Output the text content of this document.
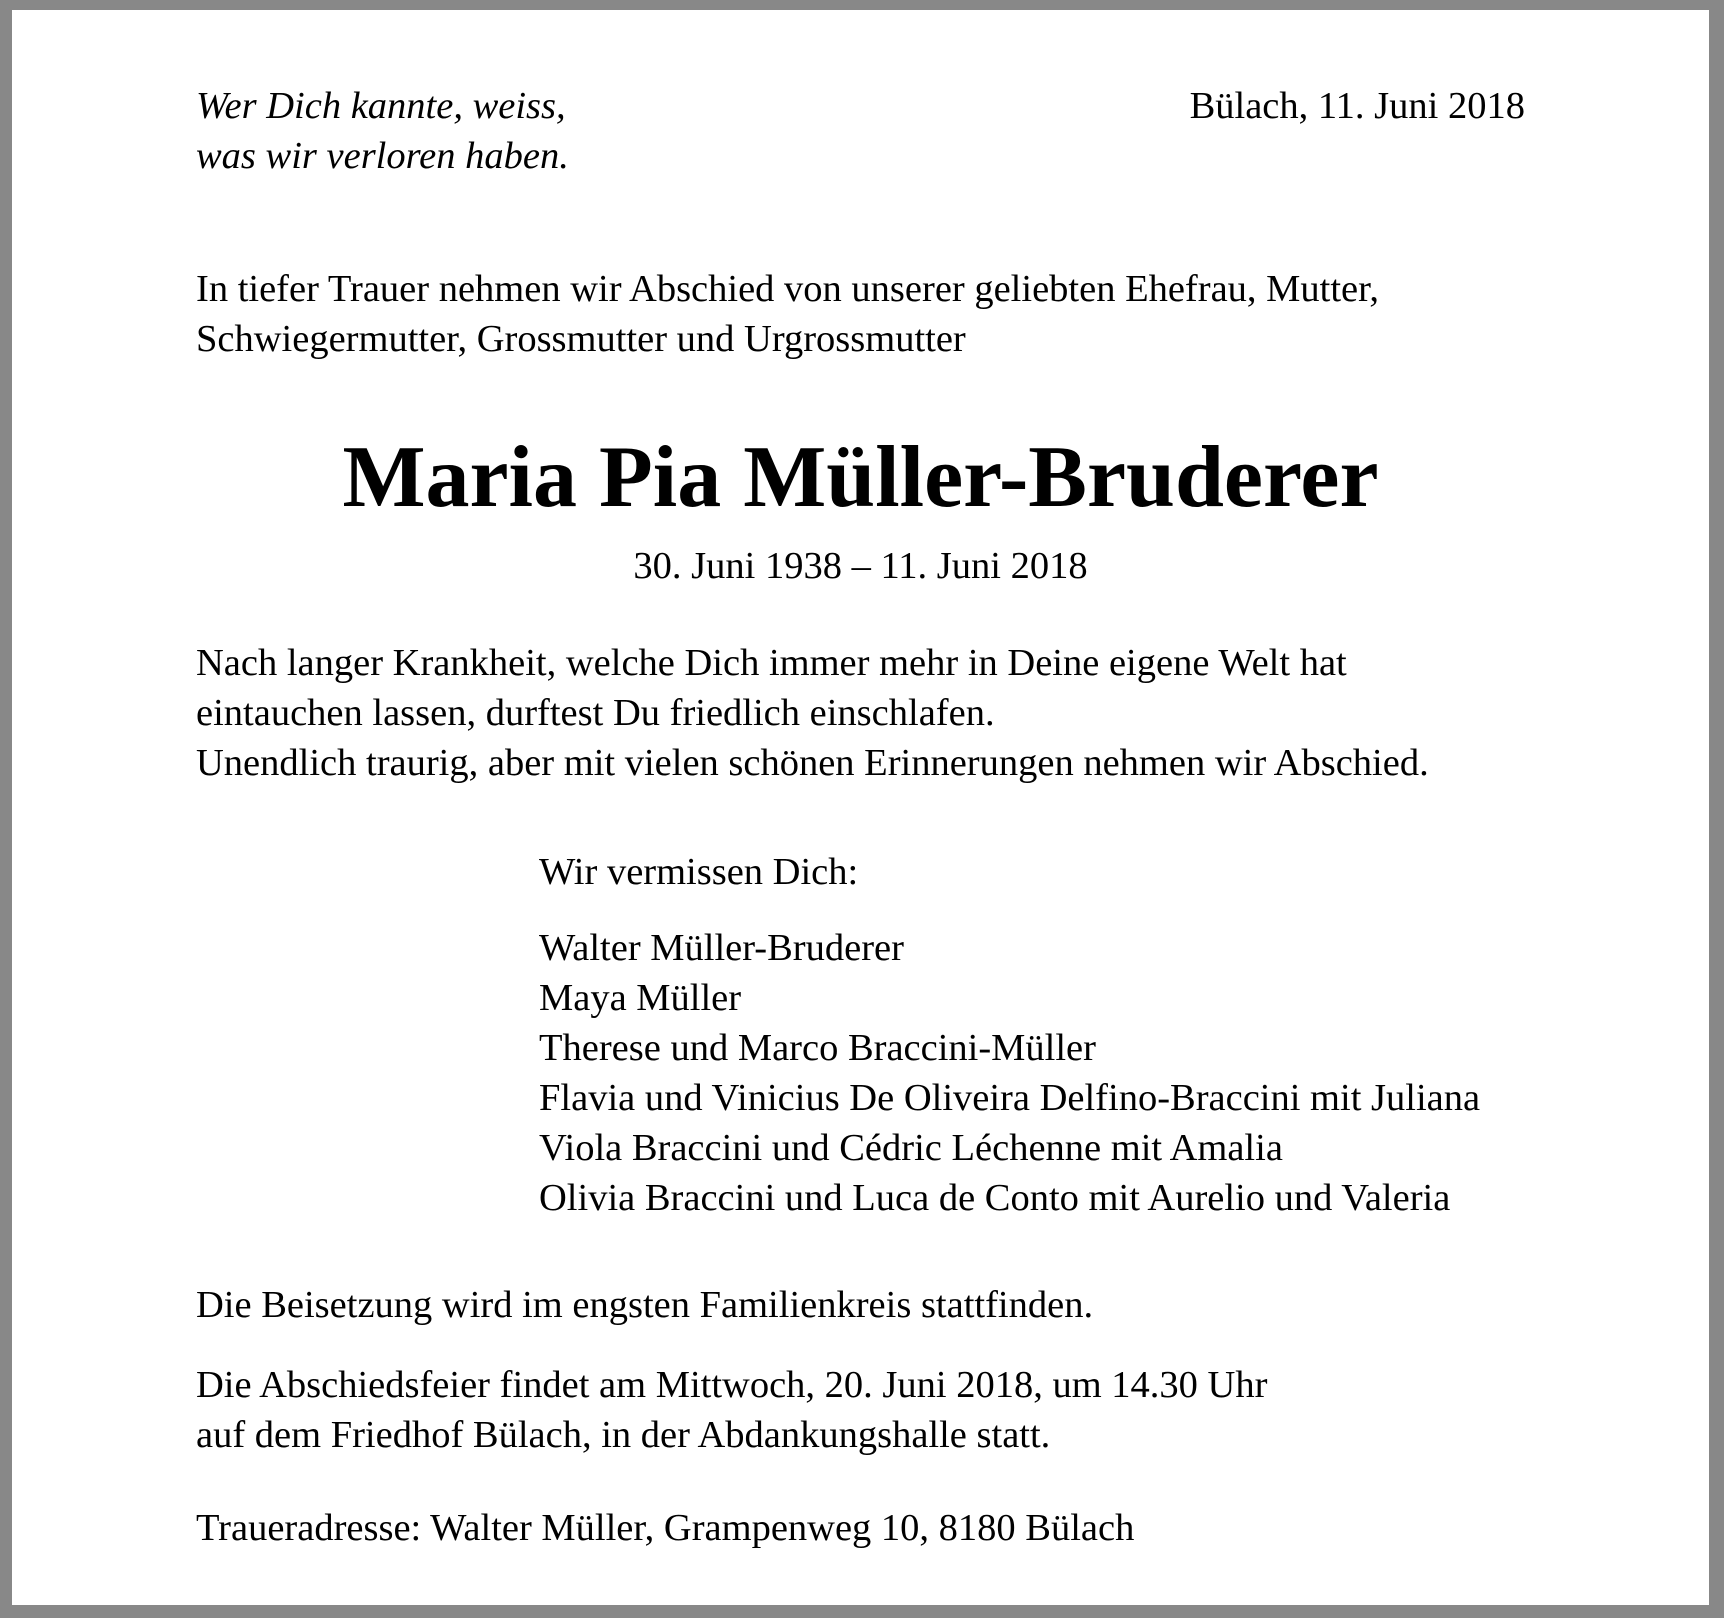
Wer Dich kannte, weiss,
was wir verloren haben.
Bülach, 11. Juni 2018
In tiefer Trauer nehmen wir Abschied von unserer geliebten Ehefrau, Mutter,
Schwiegermutter, Grossmutter und Urgrossmutter
Maria Pia Müller-Bruderer
30. Juni 1938 – 11. Juni 2018
Nach langer Krankheit, welche Dich immer mehr in Deine eigene Welt hat
eintauchen lassen, durftest Du friedlich einschlafen.
Unendlich traurig, aber mit vielen schönen Erinnerungen nehmen wir Abschied.
Wir vermissen Dich:
Walter Müller-Bruderer
Maya Müller
Therese und Marco Braccini-Müller
Flavia und Vinicius De Oliveira Delfino-Braccini mit Juliana
Viola Braccini und Cédric Léchenne mit Amalia
Olivia Braccini und Luca de Conto mit Aurelio und Valeria
Die Beisetzung wird im engsten Familienkreis stattfinden.
Die Abschiedsfeier findet am Mittwoch, 20. Juni 2018, um 14.30 Uhr
auf dem Friedhof Bülach, in der Abdankungshalle statt.
Traueradresse: Walter Müller, Grampenweg 10, 8180 Bülach
